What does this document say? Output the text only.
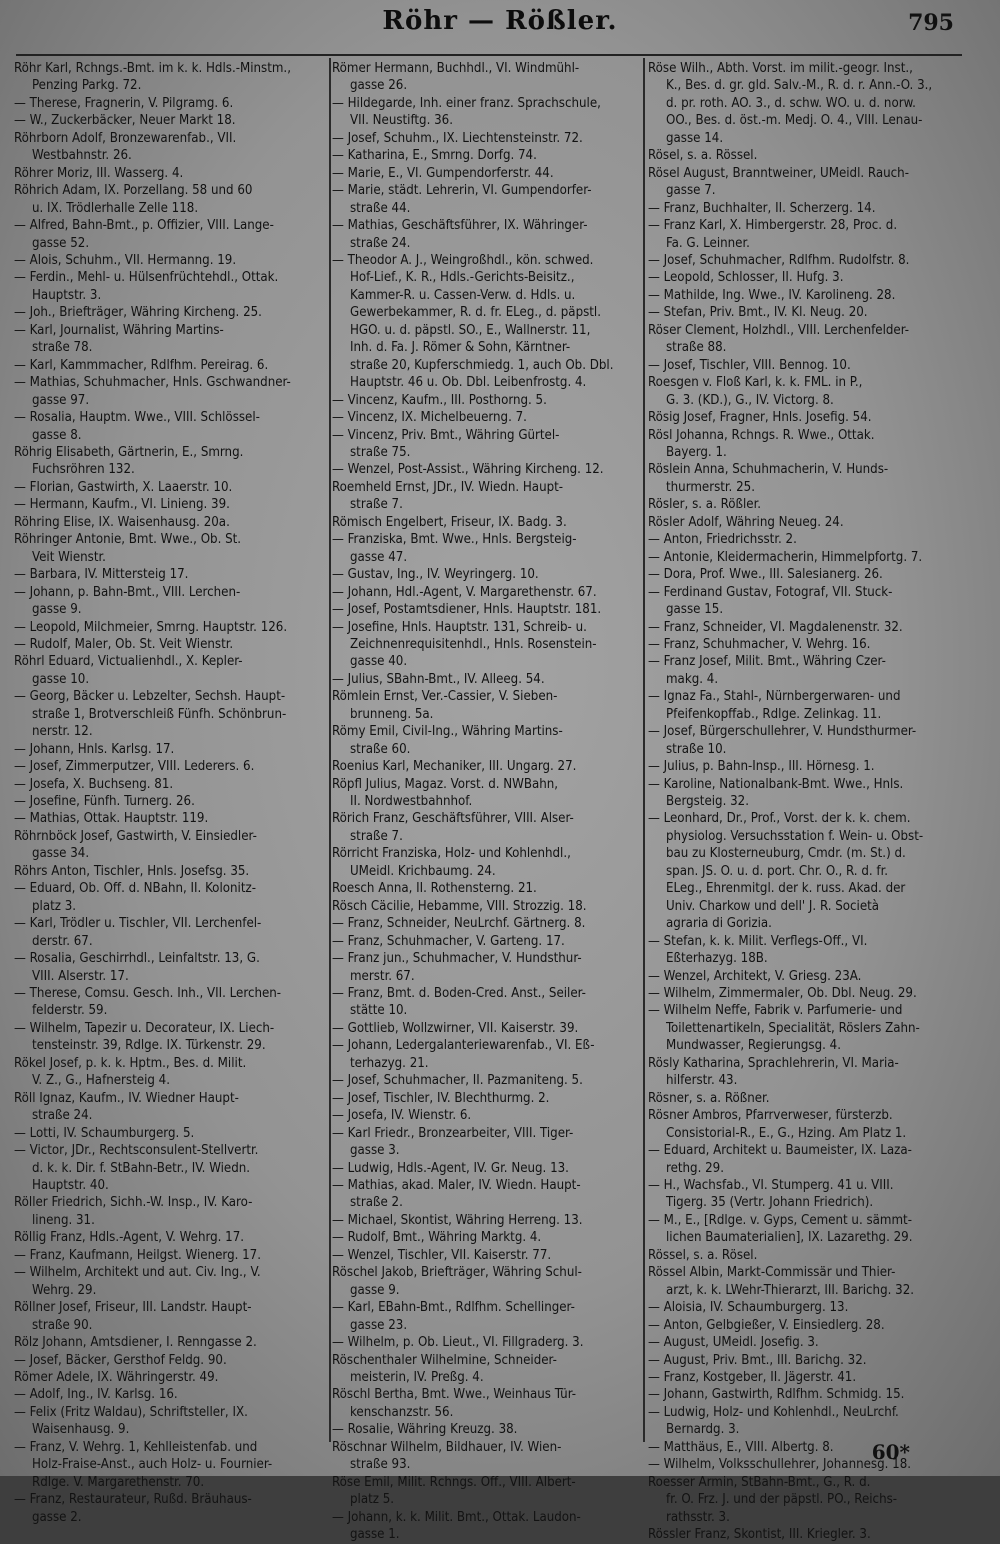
Röhr — Rößler.	795
Röhr Karl, Rchngs.-Bmt. im k. k. Hdls.-Minstm.,
Penzing Parkg. 72.
— Therese, Fragnerin, V. Pilgramg. 6.
— W., Zuckerbäcker, Neuer Markt 18.
Röhrborn Adolf, Bronzewarenfab., VII.
Westbahnstr. 26.
Röhrer Moriz, III. Wasserg. 4.
Röhrich Adam, IX. Porzellang. 58 und 60
u. IX. Trödlerhalle Zelle 118.
— Alfred, Bahn-Bmt., p. Offizier, VIII. Lange-
gasse 52.
— Alois, Schuhm., VII. Hermanng. 19.
— Ferdin., Mehl- u. Hülsenfrüchtehdl., Ottak.
Hauptstr. 3.
— Joh., Briefträger, Währing Kircheng. 25.
— Karl, Journalist, Währing Martins-
straße 78.
— Karl, Kammmacher, Rdlfhm. Pereirag. 6.
— Mathias, Schuhmacher, Hnls. Gschwandner-
gasse 97.
— Rosalia, Hauptm. Wwe., VIII. Schlössel-
gasse 8.
Röhrig Elisabeth, Gärtnerin, E., Smrng.
Fuchsröhren 132.
— Florian, Gastwirth, X. Laaerstr. 10.
— Hermann, Kaufm., VI. Linieng. 39.
Röhring Elise, IX. Waisenhausg. 20a.
Röhringer Antonie, Bmt. Wwe., Ob. St.
Veit Wienstr.
— Barbara, IV. Mittersteig 17.
— Johann, p. Bahn-Bmt., VIII. Lerchen-
gasse 9.
— Leopold, Milchmeier, Smrng. Hauptstr. 126.
— Rudolf, Maler, Ob. St. Veit Wienstr.
Röhrl Eduard, Victualienhdl., X. Kepler-
gasse 10.
— Georg, Bäcker u. Lebzelter, Sechsh. Haupt-
straße 1, Brotverschleiß Fünfh. Schönbrun-
nerstr. 12.
— Johann, Hnls. Karlsg. 17.
— Josef, Zimmerputzer, VIII. Lederers. 6.
— Josefa, X. Buchseng. 81.
— Josefine, Fünfh. Turnerg. 26.
— Mathias, Ottak. Hauptstr. 119.
Röhrnböck Josef, Gastwirth, V. Einsiedler-
gasse 34.
Röhrs Anton, Tischler, Hnls. Josefsg. 35.
— Eduard, Ob. Off. d. NBahn, II. Kolonitz-
platz 3.
— Karl, Trödler u. Tischler, VII. Lerchenfel-
derstr. 67.
— Rosalia, Geschirrhdl., Leinfaltstr. 13, G.
VIII. Alserstr. 17.
— Therese, Comsu. Gesch. Inh., VII. Lerchen-
felderstr. 59.
— Wilhelm, Tapezir u. Decorateur, IX. Liech-
tensteinstr. 39, Rdlge. IX. Türkenstr. 29.
Rökel Josef, p. k. k. Hptm., Bes. d. Milit.
V. Z., G., Hafnersteig 4.
Röll Ignaz, Kaufm., IV. Wiedner Haupt-
straße 24.
— Lotti, IV. Schaumburgerg. 5.
— Victor, JDr., Rechtsconsulent-Stellvertr.
d. k. k. Dir. f. StBahn-Betr., IV. Wiedn.
Hauptstr. 40.
Röller Friedrich, Sichh.-W. Insp., IV. Karo-
lineng. 31.
Röllig Franz, Hdls.-Agent, V. Wehrg. 17.
— Franz, Kaufmann, Heilgst. Wienerg. 17.
— Wilhelm, Architekt und aut. Civ. Ing., V.
Wehrg. 29.
Röllner Josef, Friseur, III. Landstr. Haupt-
straße 90.
Rölz Johann, Amtsdiener, I. Renngasse 2.
— Josef, Bäcker, Gersthof Feldg. 90.
Römer Adele, IX. Währingerstr. 49.
— Adolf, Ing., IV. Karlsg. 16.
— Felix (Fritz Waldau), Schriftsteller, IX.
Waisenhausg. 9.
— Franz, V. Wehrg. 1, Kehlleistenfab. und
Holz-Fraise-Anst., auch Holz- u. Fournier-
Rdlge. V. Margarethenstr. 70.
— Franz, Restaurateur, Rußd. Bräuhaus-
gasse 2.
Römer Hermann, Buchhdl., VI. Windmühl-
gasse 26.
— Hildegarde, Inh. einer franz. Sprachschule,
VII. Neustiftg. 36.
— Josef, Schuhm., IX. Liechtensteinstr. 72.
— Katharina, E., Smrng. Dorfg. 74.
— Marie, E., VI. Gumpendorferstr. 44.
— Marie, städt. Lehrerin, VI. Gumpendorfer-
straße 44.
— Mathias, Geschäftsführer, IX. Währinger-
straße 24.
— Theodor A. J., Weingroßhdl., kön. schwed.
Hof-Lief., K. R., Hdls.-Gerichts-Beisitz.,
Kammer-R. u. Cassen-Verw. d. Hdls. u.
Gewerbekammer, R. d. fr. ELeg., d. päpstl.
HGO. u. d. päpstl. SO., E., Wallnerstr. 11,
Inh. d. Fa. J. Römer & Sohn, Kärntner-
straße 20, Kupferschmiedg. 1, auch Ob. Dbl.
Hauptstr. 46 u. Ob. Dbl. Leibenfrostg. 4.
— Vincenz, Kaufm., III. Posthorng. 5.
— Vincenz, IX. Michelbeuerng. 7.
— Vincenz, Priv. Bmt., Währing Gürtel-
straße 75.
— Wenzel, Post-Assist., Währing Kircheng. 12.
Roemheld Ernst, JDr., IV. Wiedn. Haupt-
straße 7.
Römisch Engelbert, Friseur, IX. Badg. 3.
— Franziska, Bmt. Wwe., Hnls. Bergsteig-
gasse 47.
— Gustav, Ing., IV. Weyringerg. 10.
— Johann, Hdl.-Agent, V. Margarethenstr. 67.
— Josef, Postamtsdiener, Hnls. Hauptstr. 181.
— Josefine, Hnls. Hauptstr. 131, Schreib- u.
Zeichnenrequisitenhdl., Hnls. Rosenstein-
gasse 40.
— Julius, SBahn-Bmt., IV. Alleeg. 54.
Römlein Ernst, Ver.-Cassier, V. Sieben-
brunneng. 5a.
Römy Emil, Civil-Ing., Währing Martins-
straße 60.
Roenius Karl, Mechaniker, III. Ungarg. 27.
Röpfl Julius, Magaz. Vorst. d. NWBahn,
II. Nordwestbahnhof.
Rörich Franz, Geschäftsführer, VIII. Alser-
straße 7.
Rörricht Franziska, Holz- und Kohlenhdl.,
UMeidl. Krichbaumg. 24.
Roesch Anna, II. Rothensterng. 21.
Rösch Cäcilie, Hebamme, VIII. Strozzig. 18.
— Franz, Schneider, NeuLrchf. Gärtnerg. 8.
— Franz, Schuhmacher, V. Garteng. 17.
— Franz jun., Schuhmacher, V. Hundsthur-
merstr. 67.
— Franz, Bmt. d. Boden-Cred. Anst., Seiler-
stätte 10.
— Gottlieb, Wollzwirner, VII. Kaiserstr. 39.
— Johann, Ledergalanteriewarenfab., VI. Eß-
terhazyg. 21.
— Josef, Schuhmacher, II. Pazmaniteng. 5.
— Josef, Tischler, IV. Blechthurmg. 2.
— Josefa, IV. Wienstr. 6.
— Karl Friedr., Bronzearbeiter, VIII. Tiger-
gasse 3.
— Ludwig, Hdls.-Agent, IV. Gr. Neug. 13.
— Mathias, akad. Maler, IV. Wiedn. Haupt-
straße 2.
— Michael, Skontist, Währing Herreng. 13.
— Rudolf, Bmt., Währing Marktg. 4.
— Wenzel, Tischler, VII. Kaiserstr. 77.
Röschel Jakob, Briefträger, Währing Schul-
gasse 9.
— Karl, EBahn-Bmt., Rdlfhm. Schellinger-
gasse 23.
— Wilhelm, p. Ob. Lieut., VI. Fillgraderg. 3.
Röschenthaler Wilhelmine, Schneider-
meisterin, IV. Preßg. 4.
Röschl Bertha, Bmt. Wwe., Weinhaus Tür-
kenschanzstr. 56.
— Rosalie, Währing Kreuzg. 38.
Röschnar Wilhelm, Bildhauer, IV. Wien-
straße 93.
Röse Emil, Milit. Rchngs. Off., VIII. Albert-
platz 5.
— Johann, k. k. Milit. Bmt., Ottak. Laudon-
gasse 1.
Röse Wilh., Abth. Vorst. im milit.-geogr. Inst.,
K., Bes. d. gr. gld. Salv.-M., R. d. r. Ann.-O. 3.,
d. pr. roth. AO. 3., d. schw. WO. u. d. norw.
OO., Bes. d. öst.-m. Medj. O. 4., VIII. Lenau-
gasse 14.
Rösel, s. a. Rössel.
Rösel August, Branntweiner, UMeidl. Rauch-
gasse 7.
— Franz, Buchhalter, II. Scherzerg. 14.
— Franz Karl, X. Himbergerstr. 28, Proc. d.
Fa. G. Leinner.
— Josef, Schuhmacher, Rdlfhm. Rudolfstr. 8.
— Leopold, Schlosser, II. Hufg. 3.
— Mathilde, Ing. Wwe., IV. Karolineng. 28.
— Stefan, Priv. Bmt., IV. Kl. Neug. 20.
Röser Clement, Holzhdl., VIII. Lerchenfelder-
straße 88.
— Josef, Tischler, VIII. Bennog. 10.
Roesgen v. Floß Karl, k. k. FML. in P.,
G. 3. (KD.), G., IV. Victorg. 8.
Rösig Josef, Fragner, Hnls. Josefig. 54.
Rösl Johanna, Rchngs. R. Wwe., Ottak.
Bayerg. 1.
Röslein Anna, Schuhmacherin, V. Hunds-
thurmerstr. 25.
Rösler, s. a. Rößler.
Rösler Adolf, Währing Neueg. 24.
— Anton, Friedrichsstr. 2.
— Antonie, Kleidermacherin, Himmelpfortg. 7.
— Dora, Prof. Wwe., III. Salesianerg. 26.
— Ferdinand Gustav, Fotograf, VII. Stuck-
gasse 15.
— Franz, Schneider, VI. Magdalenenstr. 32.
— Franz, Schuhmacher, V. Wehrg. 16.
— Franz Josef, Milit. Bmt., Währing Czer-
makg. 4.
— Ignaz Fa., Stahl-, Nürnbergerwaren- und
Pfeifenkopffab., Rdlge. Zelinkag. 11.
— Josef, Bürgerschullehrer, V. Hundsthurmer-
straße 10.
— Julius, p. Bahn-Insp., III. Hörnesg. 1.
— Karoline, Nationalbank-Bmt. Wwe., Hnls.
Bergsteig. 32.
— Leonhard, Dr., Prof., Vorst. der k. k. chem.
physiolog. Versuchsstation f. Wein- u. Obst-
bau zu Klosterneuburg, Cmdr. (m. St.) d.
span. JS. O. u. d. port. Chr. O., R. d. fr.
ELeg., Ehrenmitgl. der k. russ. Akad. der
Univ. Charkow und dell' J. R. Società
agraria di Gorizia.
— Stefan, k. k. Milit. Verflegs-Off., VI.
Eßterhazyg. 18B.
— Wenzel, Architekt, V. Griesg. 23A.
— Wilhelm, Zimmermaler, Ob. Dbl. Neug. 29.
— Wilhelm Neffe, Fabrik v. Parfumerie- und
Toilettenartikeln, Specialität, Röslers Zahn-
Mundwasser, Regierungsg. 4.
Rösly Katharina, Sprachlehrerin, VI. Maria-
hilferstr. 43.
Rösner, s. a. Rößner.
Rösner Ambros, Pfarrverweser, fürsterzb.
Consistorial-R., E., G., Hzing. Am Platz 1.
— Eduard, Architekt u. Baumeister, IX. Laza-
rethg. 29.
— H., Wachsfab., VI. Stumperg. 41 u. VIII.
Tigerg. 35 (Vertr. Johann Friedrich).
— M., E., [Rdlge. v. Gyps, Cement u. sämmt-
lichen Baumaterialien], IX. Lazarethg. 29.
Rössel, s. a. Rösel.
Rössel Albin, Markt-Commissär und Thier-
arzt, k. k. LWehr-Thierarzt, III. Barichg. 32.
— Aloisia, IV. Schaumburgerg. 13.
— Anton, Gelbgießer, V. Einsiedlerg. 28.
— August, UMeidl. Josefig. 3.
— August, Priv. Bmt., III. Barichg. 32.
— Franz, Kostgeber, II. Jägerstr. 41.
— Johann, Gastwirth, Rdlfhm. Schmidg. 15.
— Ludwig, Holz- und Kohlenhdl., NeuLrchf.
Bernardg. 3.
— Matthäus, E., VIII. Albertg. 8.
— Wilhelm, Volksschullehrer, Johannesg. 18.
Roesser Armin, StBahn-Bmt., G., R. d.
fr. O. Frz. J. und der päpstl. PO., Reichs-
rathsstr. 3.
Rössler Franz, Skontist, III. Kriegler. 3.
60*
